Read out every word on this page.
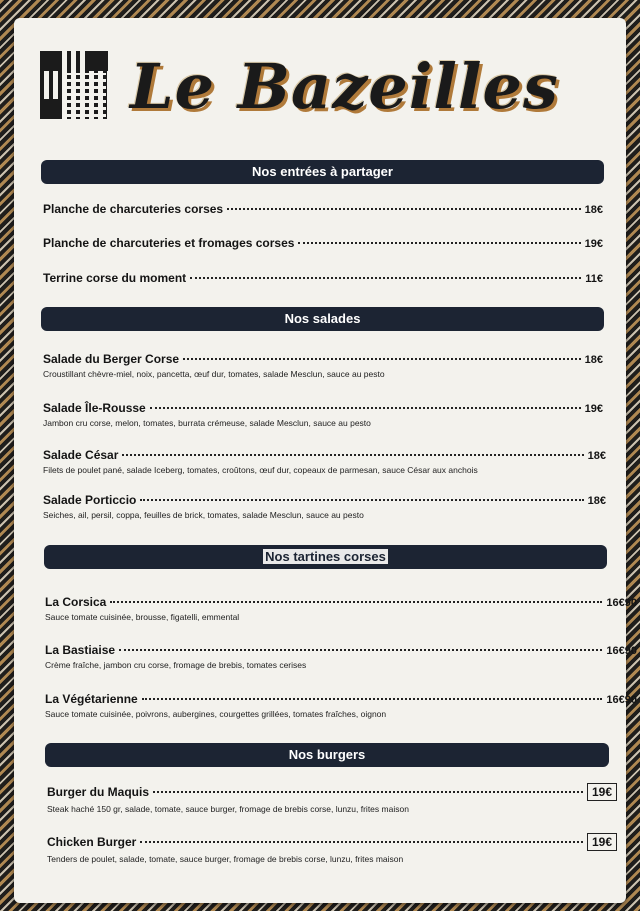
Le Bazeilles
Nos entrées à partager
Planche de charcuteries corses	18€
Planche de charcuteries et fromages corses	19€
Terrine corse du moment	11€
Nos salades
Salade du Berger Corse	18€
Croustillant chèvre-miel, noix, pancetta, œuf dur, tomates, salade Mesclun, sauce au pesto
Salade Île-Rousse	19€
Jambon cru corse, melon, tomates, burrata crémeuse, salade Mesclun, sauce au pesto
Salade César	18€
Filets de poulet pané, salade Iceberg, tomates, croûtons, œuf dur, copeaux de parmesan, sauce César aux anchois
Salade Porticcio	18€
Seiches, ail, persil, coppa, feuilles de brick, tomates, salade Mesclun, sauce au pesto
Nos tartines corses
La Corsica	16€90
Sauce tomate cuisinée, brousse, figatelli, emmental
La Bastiaise	16€90
Crème fraîche, jambon cru corse, fromage de brebis, tomates cerises
La Végétarienne	16€90
Sauce tomate cuisinée, poivrons, aubergines, courgettes grillées, tomates fraîches, oignon
Nos burgers
Burger du Maquis	19€
Steak haché 150 gr, salade, tomate, sauce burger, fromage de brebis corse, lunzu, frites maison
Chicken Burger	19€
Tenders de poulet, salade, tomate, sauce burger, fromage de brebis corse, lunzu, frites maison
